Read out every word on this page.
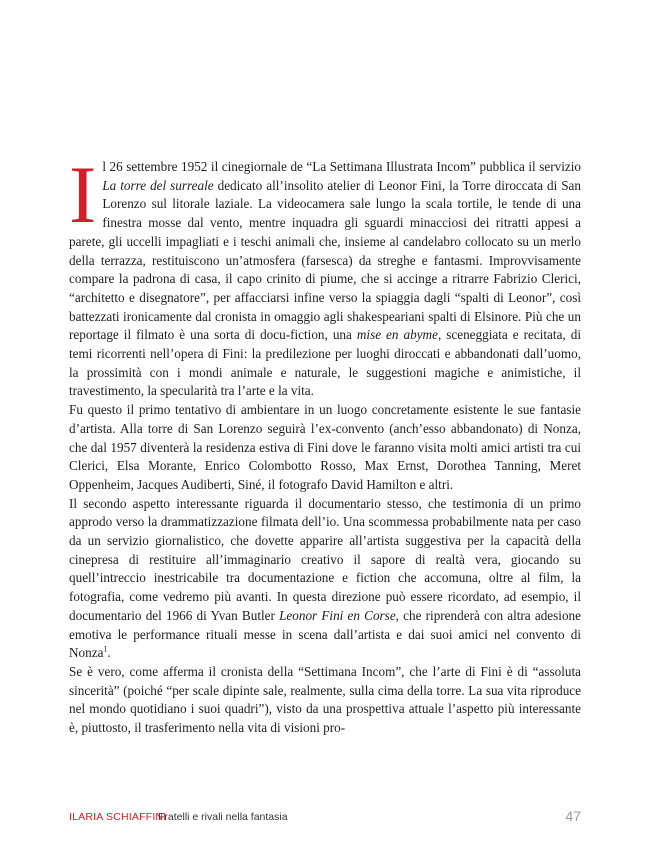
Il 26 settembre 1952 il cinegiornale de “La Settimana Illustrata Incom” pubblica il servizio La torre del surreale dedicato all’insolito atelier di Leonor Fini, la Torre diroccata di San Lorenzo sul litorale laziale. La videocamera sale lungo la scala tortile, le tende di una finestra mosse dal vento, mentre inquadra gli sguardi minacciosi dei ritratti appesi a parete, gli uccelli impagliati e i teschi animali che, insieme al candelabro collocato su un merlo della terrazza, restituiscono un’atmosfera (farsesca) da streghe e fantasmi. Improvvisamente compare la padrona di casa, il capo crinito di piume, che si accinge a ritrarre Fabrizio Clerici, “architetto e disegnatore”, per affacciarsi infine verso la spiaggia dagli “spalti di Leonor”, così battezzati ironicamente dal cronista in omaggio agli shakespeariani spalti di Elsinore. Più che un reportage il filmato è una sorta di docu-fiction, una mise en abyme, sceneggiata e recitata, di temi ricorrenti nell’opera di Fini: la predilezione per luoghi diroccati e abbandonati dall’uomo, la prossimità con i mondi animale e naturale, le suggestioni magiche e animistiche, il travestimento, la specularità tra l’arte e la vita.

Fu questo il primo tentativo di ambientare in un luogo concretamente esistente le sue fantasie d’artista. Alla torre di San Lorenzo seguirà l’ex-convento (anch’esso abbandonato) di Nonza, che dal 1957 diventerà la residenza estiva di Fini dove le faranno visita molti amici artisti tra cui Clerici, Elsa Morante, Enrico Colombotto Rosso, Max Ernst, Dorothea Tanning, Meret Oppenheim, Jacques Audiberti, Siné, il fotografo David Hamilton e altri.

Il secondo aspetto interessante riguarda il documentario stesso, che testimonia di un primo approdo verso la drammatizzazione filmata dell’io. Una scommessa probabilmente nata per caso da un servizio giornalistico, che dovette apparire all’artista suggestiva per la capacità della cinepresa di restituire all’immaginario creativo il sapore di realtà vera, giocando su quell’intreccio inestricabile tra documentazione e fiction che accomuna, oltre al film, la fotografia, come vedremo più avanti. In questa direzione può essere ricordato, ad esempio, il documentario del 1966 di Yvan Butler Leonor Fini en Corse, che riprenderà con altra adesione emotiva le performance rituali messe in scena dall’artista e dai suoi amici nel convento di Nonza$^1$.

Se è vero, come afferma il cronista della “Settimana Incom”, che l’arte di Fini è di “assoluta sincerità” (poiché “per scale dipinte sale, realmente, sulla cima della torre. La sua vita riproduce nel mondo quotidiano i suoi quadri”), visto da una prospettiva attuale l’aspetto più interessante è, piuttosto, il trasferimento nella vita di visioni pro-

ILARIA SCHIAFFINI
Fratelli e rivali nella fantasia	47
